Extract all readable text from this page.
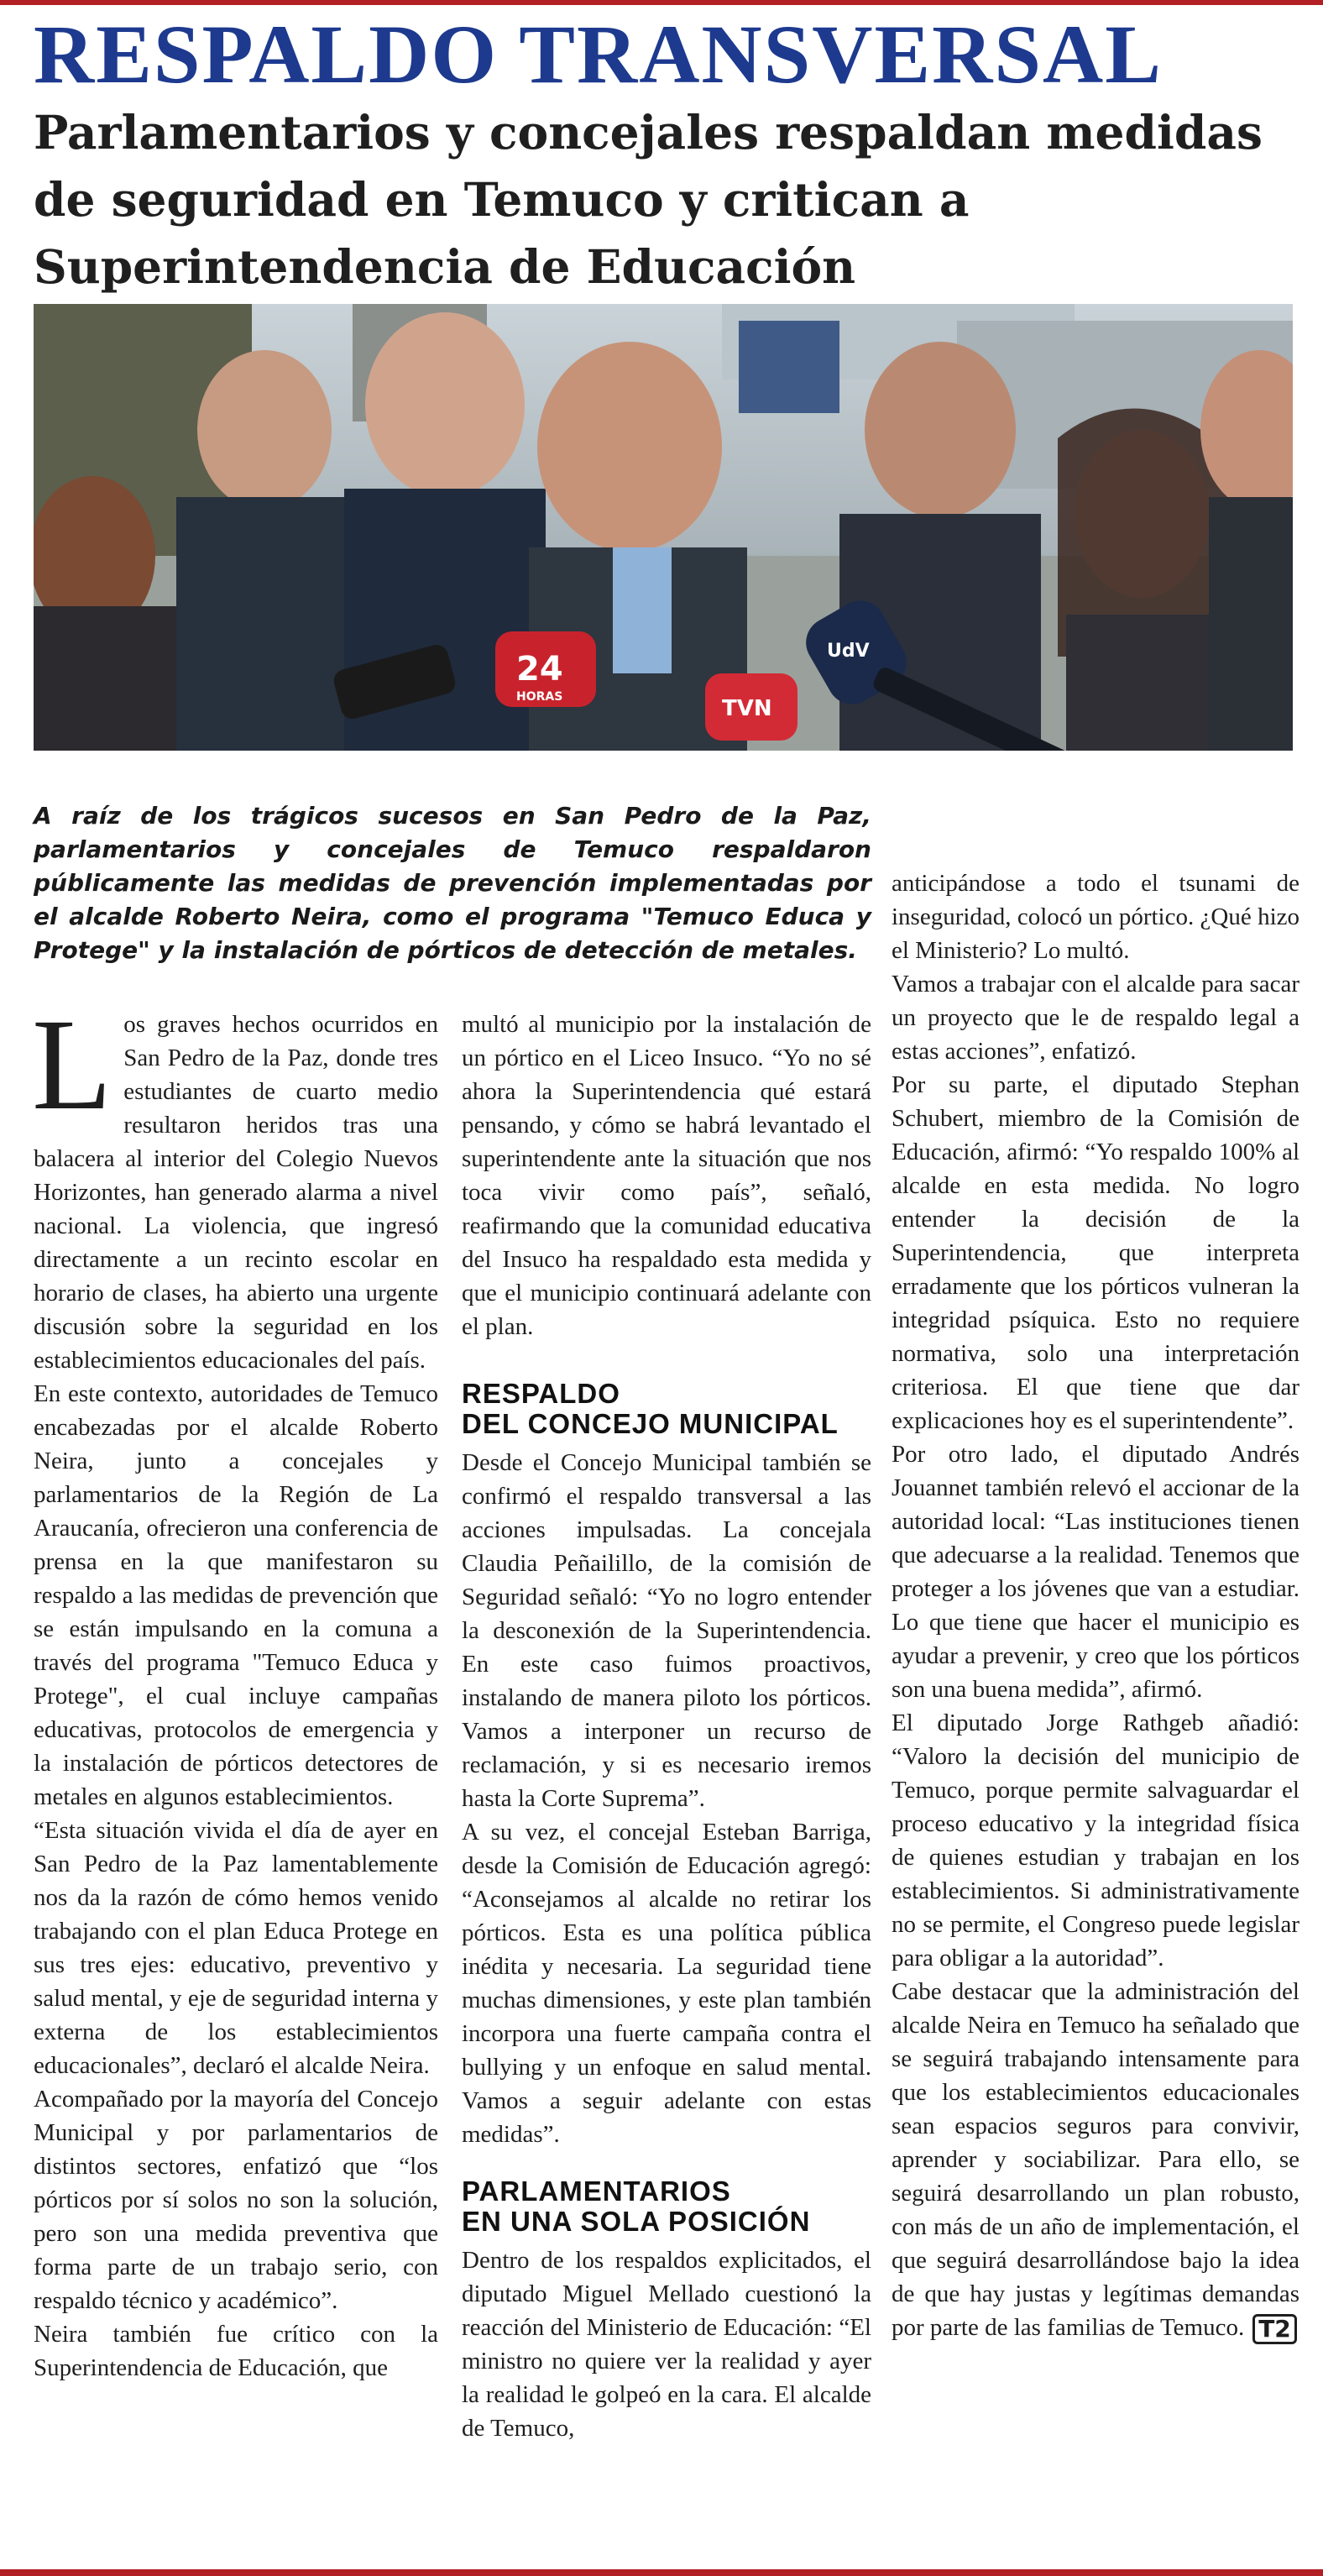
RESPALDO TRANSVERSAL
Parlamentarios y concejales respaldan medidas de seguridad en Temuco y critican a Superintendencia de Educación
24
HORAS
UdV
TVN

A raíz de los trágicos sucesos en San Pedro de la Paz, parlamentarios y concejales de Temuco respaldaron públicamente las medidas de prevención implementadas por el alcalde Roberto Neira, como el programa "Temuco Educa y Protege" y la instalación de pórticos de detección de metales.

Los graves hechos ocurridos en San Pedro de la Paz, donde tres estudiantes de cuarto medio resultaron heridos tras una balacera al interior del Colegio Nuevos Horizontes, han generado alarma a nivel nacional. La violencia, que ingresó directamente a un recinto escolar en horario de clases, ha abierto una urgente discusión sobre la seguridad en los establecimientos educacionales del país.

En este contexto, autoridades de Temuco encabezadas por el alcalde Roberto Neira, junto a concejales y parlamentarios de la Región de La Araucanía, ofrecieron una conferencia de prensa en la que manifestaron su respaldo a las medidas de prevención que se están impulsando en la comuna a través del programa "Temuco Educa y Protege", el cual incluye campañas educativas, protocolos de emergencia y la instalación de pórticos detectores de metales en algunos establecimientos.

“Esta situación vivida el día de ayer en San Pedro de la Paz lamentablemente nos da la razón de cómo hemos venido trabajando con el plan Educa Protege en sus tres ejes: educativo, preventivo y salud mental, y eje de seguridad interna y externa de los establecimientos educacionales”, declaró el alcalde Neira.

Acompañado por la mayoría del Concejo Municipal y por parlamentarios de distintos sectores, enfatizó que “los pórticos por sí solos no son la solución, pero son una medida preventiva que forma parte de un trabajo serio, con respaldo técnico y académico”.

Neira también fue crítico con la Superintendencia de Educación, que

multó al municipio por la instalación de un pórtico en el Liceo Insuco. “Yo no sé ahora la Superintendencia qué estará pensando, y cómo se habrá levantado el superintendente ante la situación que nos toca vivir como país”, señaló, reafirmando que la comunidad educativa del Insuco ha respaldado esta medida y que el municipio continuará adelante con el plan.

RESPALDO
DEL CONCEJO MUNICIPAL

Desde el Concejo Municipal también se confirmó el respaldo transversal a las acciones impulsadas. La concejala Claudia Peñailillo, de la comisión de Seguridad señaló: “Yo no logro entender la desconexión de la Superintendencia. En este caso fuimos proactivos, instalando de manera piloto los pórticos. Vamos a interponer un recurso de reclamación, y si es necesario iremos hasta la Corte Suprema”.

A su vez, el concejal Esteban Barriga, desde la Comisión de Educación agregó: “Aconsejamos al alcalde no retirar los pórticos. Esta es una política pública inédita y necesaria. La seguridad tiene muchas dimensiones, y este plan también incorpora una fuerte campaña contra el bullying y un enfoque en salud mental. Vamos a seguir adelante con estas medidas”.

PARLAMENTARIOS
EN UNA SOLA POSICIÓN

Dentro de los respaldos explicitados, el diputado Miguel Mellado cuestionó la reacción del Ministerio de Educación: “El ministro no quiere ver la realidad y ayer la realidad le golpeó en la cara. El alcalde de Temuco,

anticipándose a todo el tsunami de inseguridad, colocó un pórtico. ¿Qué hizo el Ministerio? Lo multó.

Vamos a trabajar con el alcalde para sacar un proyecto que le de respaldo legal a estas acciones”, enfatizó.

Por su parte, el diputado Stephan Schubert, miembro de la Comisión de Educación, afirmó: “Yo respaldo 100% al alcalde en esta medida. No logro entender la decisión de la Superintendencia, que interpreta erradamente que los pórticos vulneran la integridad psíquica. Esto no requiere normativa, solo una interpretación criteriosa. El que tiene que dar explicaciones hoy es el superintendente”.

Por otro lado, el diputado Andrés Jouannet también relevó el accionar de la autoridad local: “Las instituciones tienen que adecuarse a la realidad. Tenemos que proteger a los jóvenes que van a estudiar. Lo que tiene que hacer el municipio es ayudar a prevenir, y creo que los pórticos son una buena medida”, afirmó.

El diputado Jorge Rathgeb añadió: “Valoro la decisión del municipio de Temuco, porque permite salvaguardar el proceso educativo y la integridad física de quienes estudian y trabajan en los establecimientos. Si administrativamente no se permite, el Congreso puede legislar para obligar a la autoridad”.

Cabe destacar que la administración del alcalde Neira en Temuco ha señalado que se seguirá trabajando intensamente para que los establecimientos educacionales sean espacios seguros para convivir, aprender y sociabilizar. Para ello, se seguirá desarrollando un plan robusto, con más de un año de implementación, el que seguirá desarrollándose bajo la idea de que hay justas y legítimas demandas por parte de las familias de Temuco. T2
